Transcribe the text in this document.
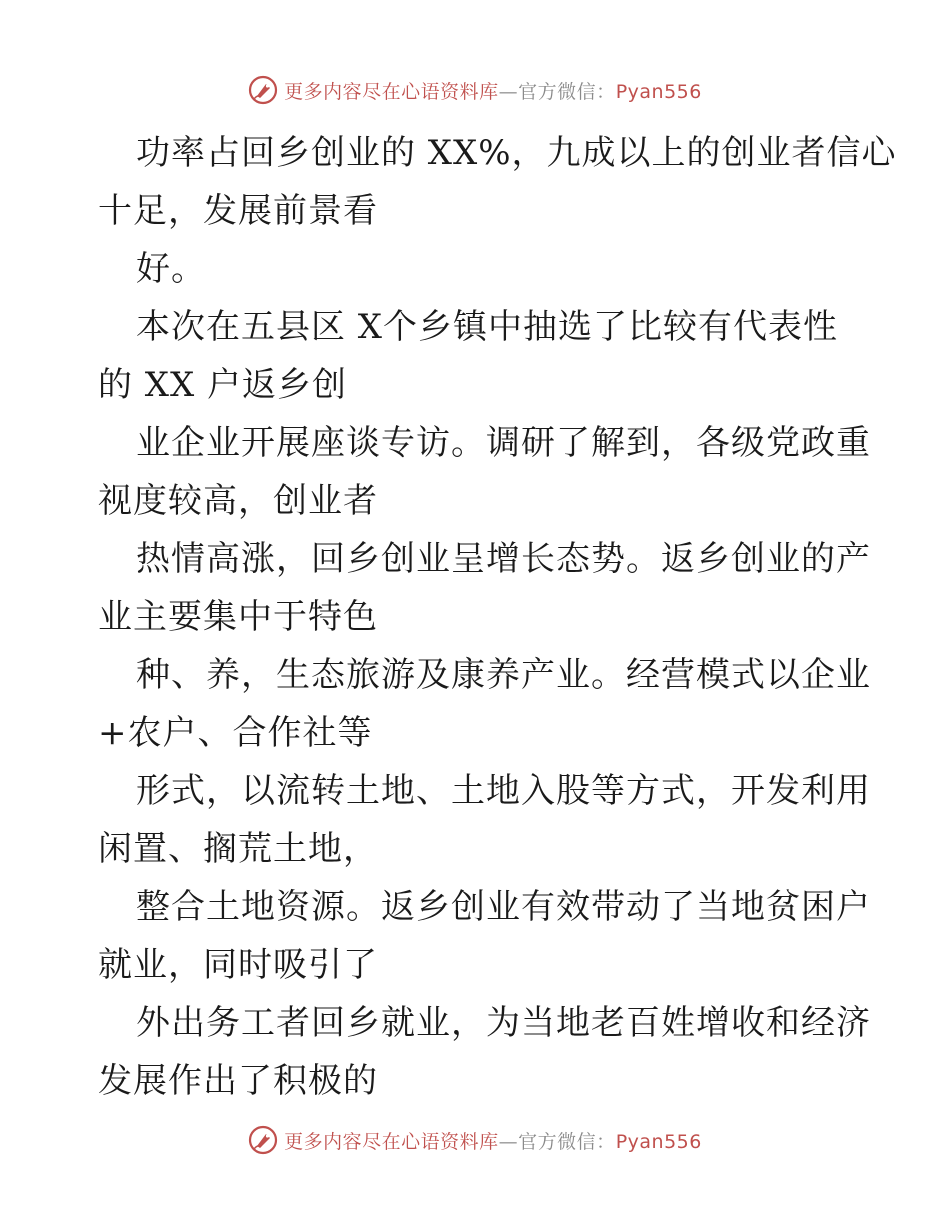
更多内容尽在心语资料库—官方微信：Pyan556
功率占回乡创业的 XX%，九成以上的创业者信心
十足，发展前景看
好。
本次在五县区 X个乡镇中抽选了比较有代表性
的 XX 户返乡创
业企业开展座谈专访。调研了解到，各级党政重
视度较高，创业者
热情高涨，回乡创业呈增长态势。返乡创业的产
业主要集中于特色
种、养，生态旅游及康养产业。经营模式以企业
+农户、合作社等
形式，以流转土地、土地入股等方式，开发利用
闲置、搁荒土地，
整合土地资源。返乡创业有效带动了当地贫困户
就业，同时吸引了
外出务工者回乡就业，为当地老百姓增收和经济
发展作出了积极的
更多内容尽在心语资料库—官方微信：Pyan556
